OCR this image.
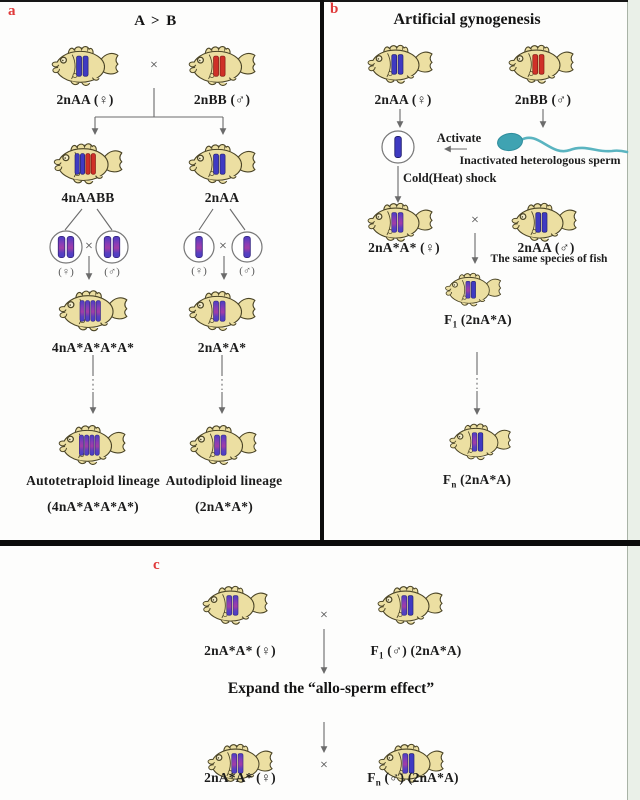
a	b
c
A > B	Artificial gynogenesis
Activate
Inactivated heterologous sperm
Cold(Heat) shock
The same species of fish
Expand the “allo-sperm effect”
2nAA (♀)	2nBB (♂)
4nAABB	2nAA
4nA*A*A*A*	2nA*A*
Autotetraploid lineage
(4nA*A*A*A*)
Autodiploid lineage
(2nA*A*)
2nAA (♀)	2nBB (♂)
2nA*A* (♀)	2nAA (♂)
$F_1$ (2nA*A)
$F_n$ (2nA*A)
2nA*A* (♀)	$F_1$ (♂) (2nA*A)
2nA*A* (♀)	$F_n$ (♂) (2nA*A)
(♀)	(♂)	(♀)	(♂)
×
×	×
×
×
×
